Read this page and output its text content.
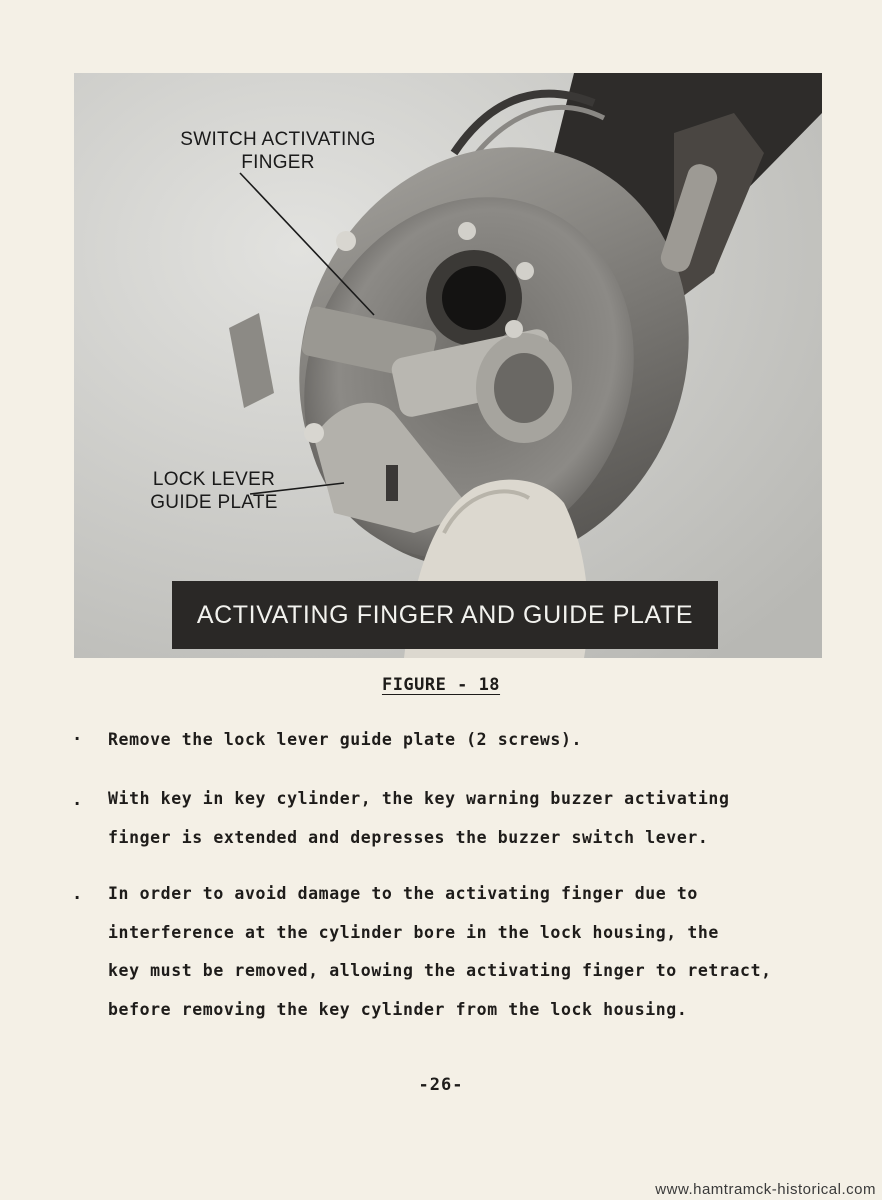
SWITCH ACTIVATING
FINGER
LOCK LEVER
GUIDE PLATE
ACTIVATING FINGER AND GUIDE PLATE
FIGURE - 18
. Remove the lock lever guide plate (2 screws).
. With key in key cylinder, the key warning buzzer activating
finger is extended and depresses the buzzer switch lever.
. In order to avoid damage to the activating finger due to
interference at the cylinder bore in the lock housing, the
key must be removed, allowing the activating finger to retract,
before removing the key cylinder from the lock housing.
-26-
www.hamtramck-historical.com
